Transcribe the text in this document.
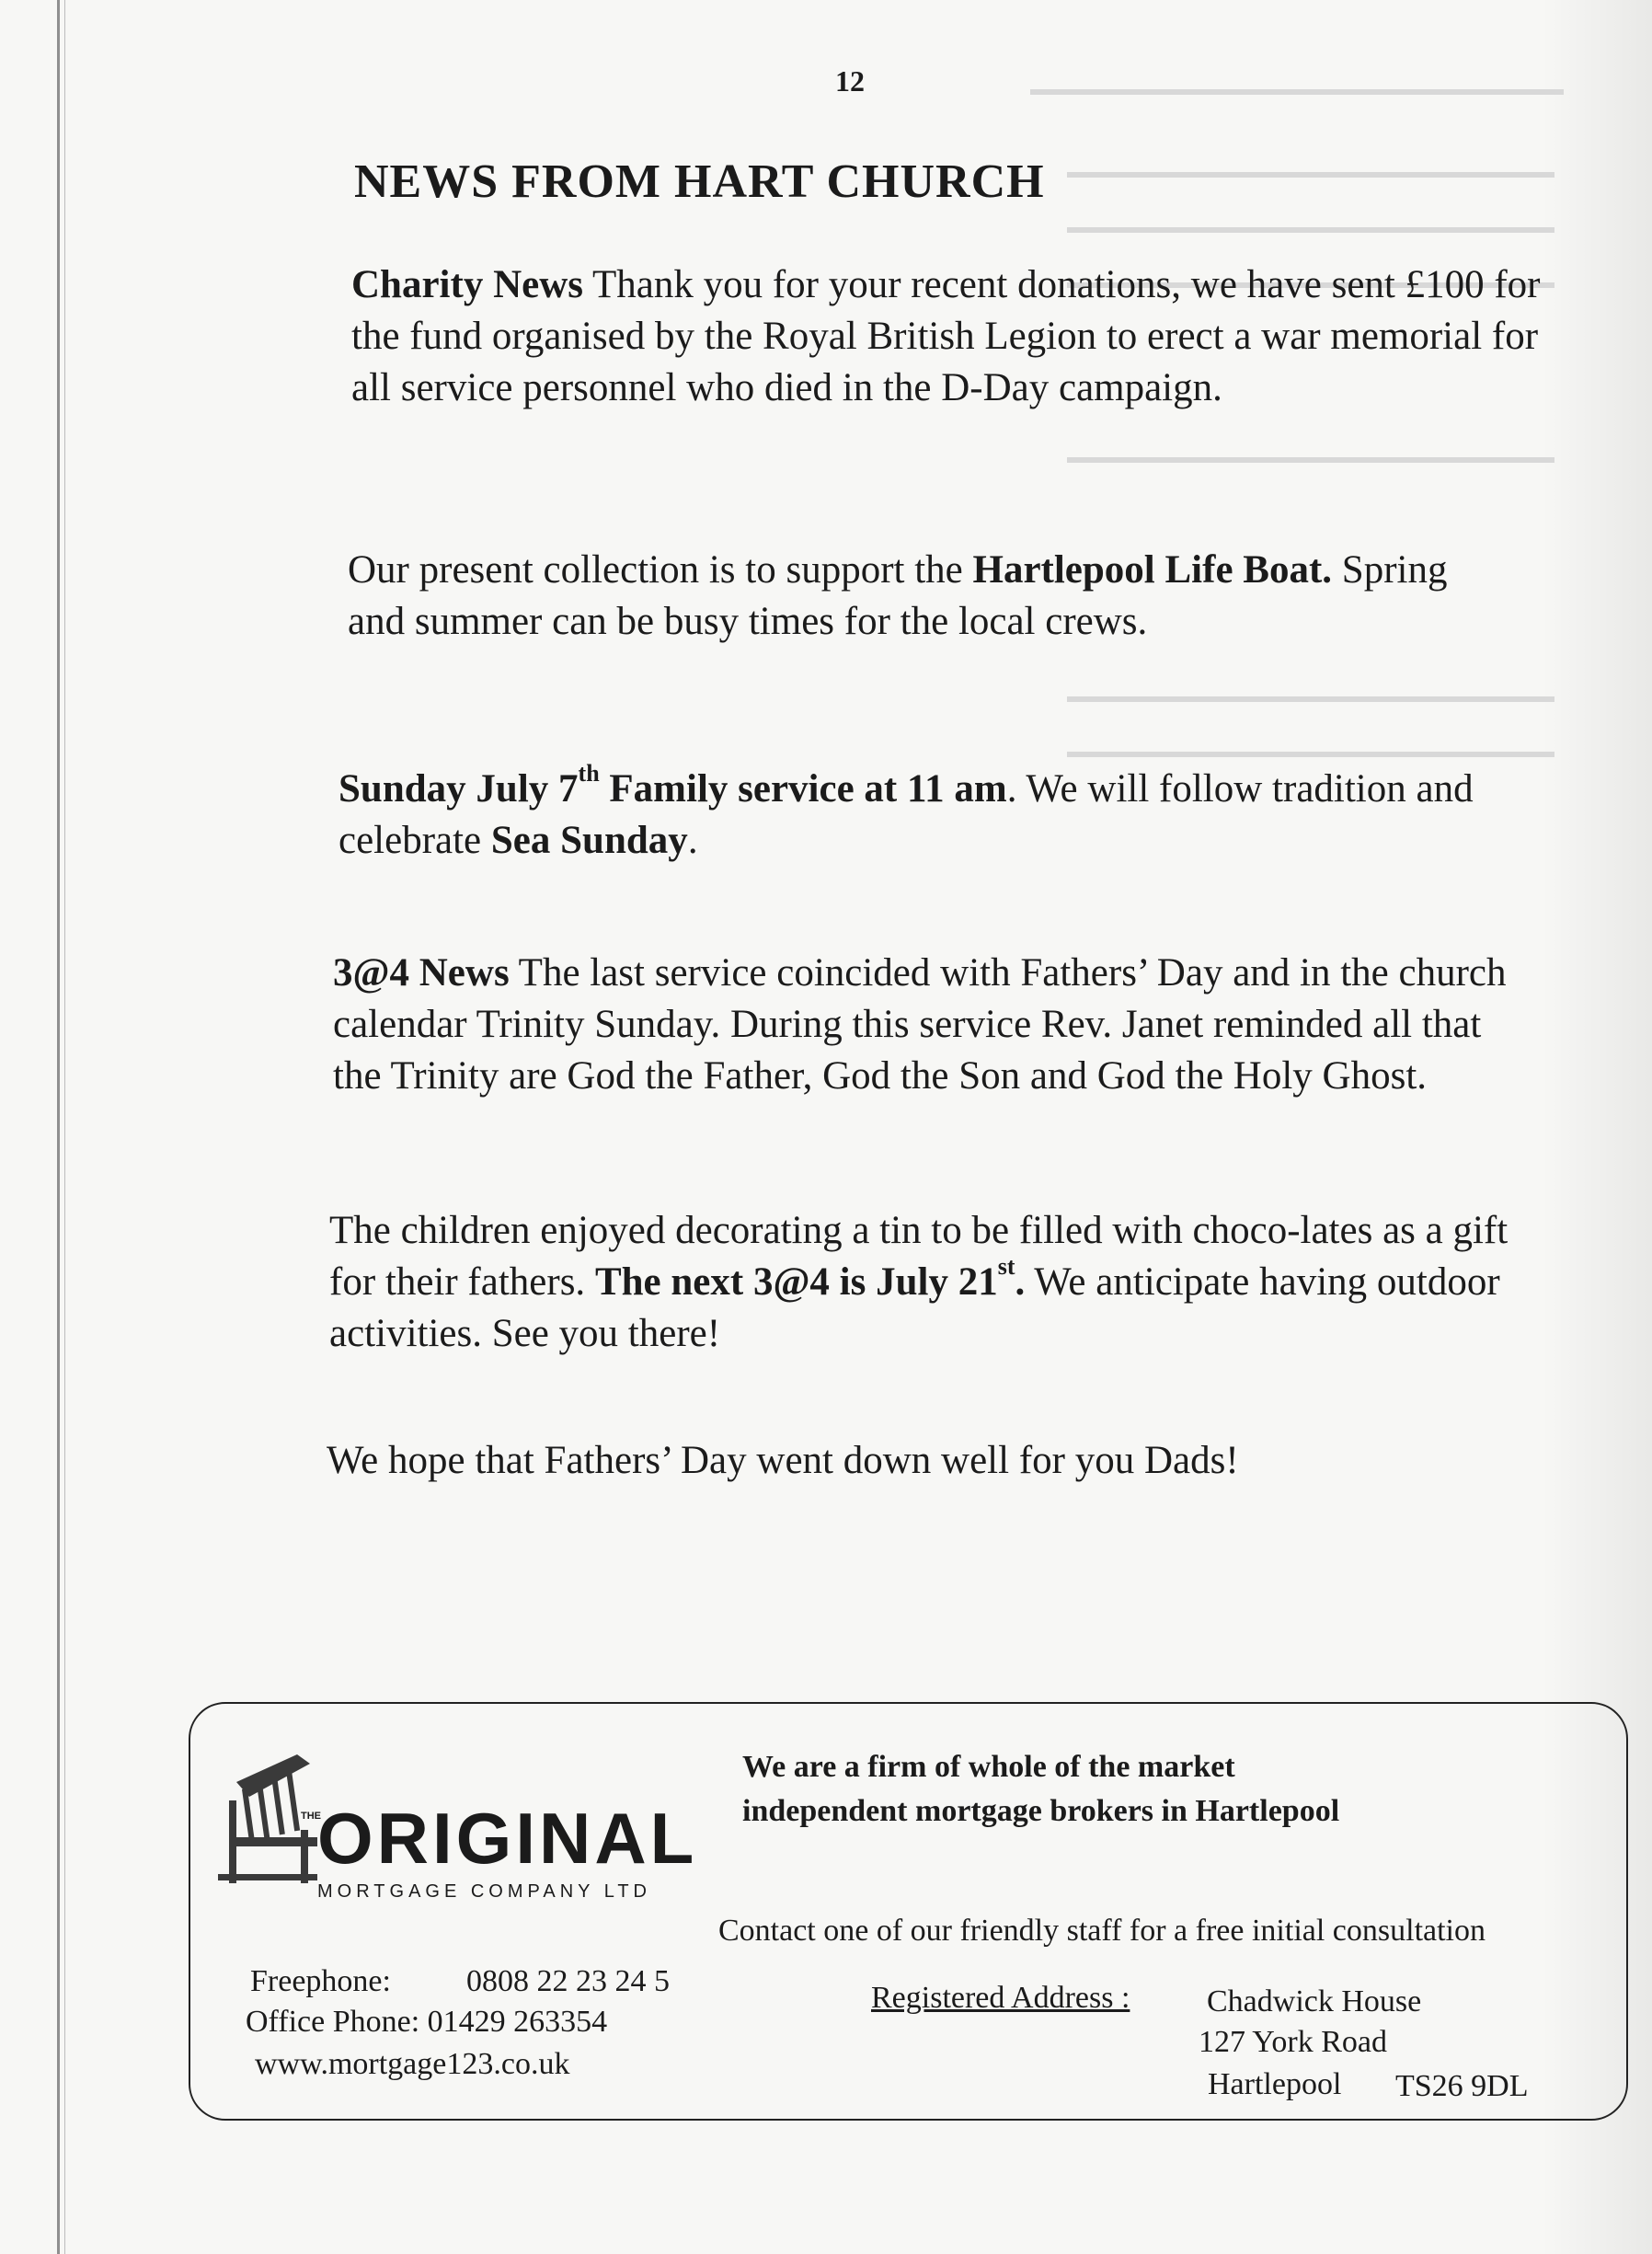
12
NEWS FROM HART CHURCH

Charity News Thank you for your recent donations, we have sent £100 for the fund organised by the Royal British Legion to erect a war memorial for all service personnel who died in the D-Day campaign.

Our present collection is to support the Hartlepool Life Boat. Spring and summer can be busy times for the local crews.

Sunday July 7th Family service at 11 am. We will follow tradition and celebrate Sea Sunday.

3@4 News The last service coincided with Fathers’ Day and in the church calendar Trinity Sunday. During this service Rev. Janet reminded all that the Trinity are God the Father, God the Son and God the Holy Ghost.

The children enjoyed decorating a tin to be filled with choco-lates as a gift for their fathers. The next 3@4 is July 21st. We anticipate having outdoor activities. See you there!

We hope that Fathers’ Day went down well for you Dads!

THE
ORIGINAL
MORTGAGE COMPANY LTD
We are a firm of whole of the market independent mortgage brokers in Hartlepool
Contact one of our friendly staff for a free initial consultation
Freephone: 0808 22 23 24 5
Office Phone: 01429 263354
www.mortgage123.co.uk
Registered Address : Chadwick House
127 York Road
Hartlepool TS26 9DL
